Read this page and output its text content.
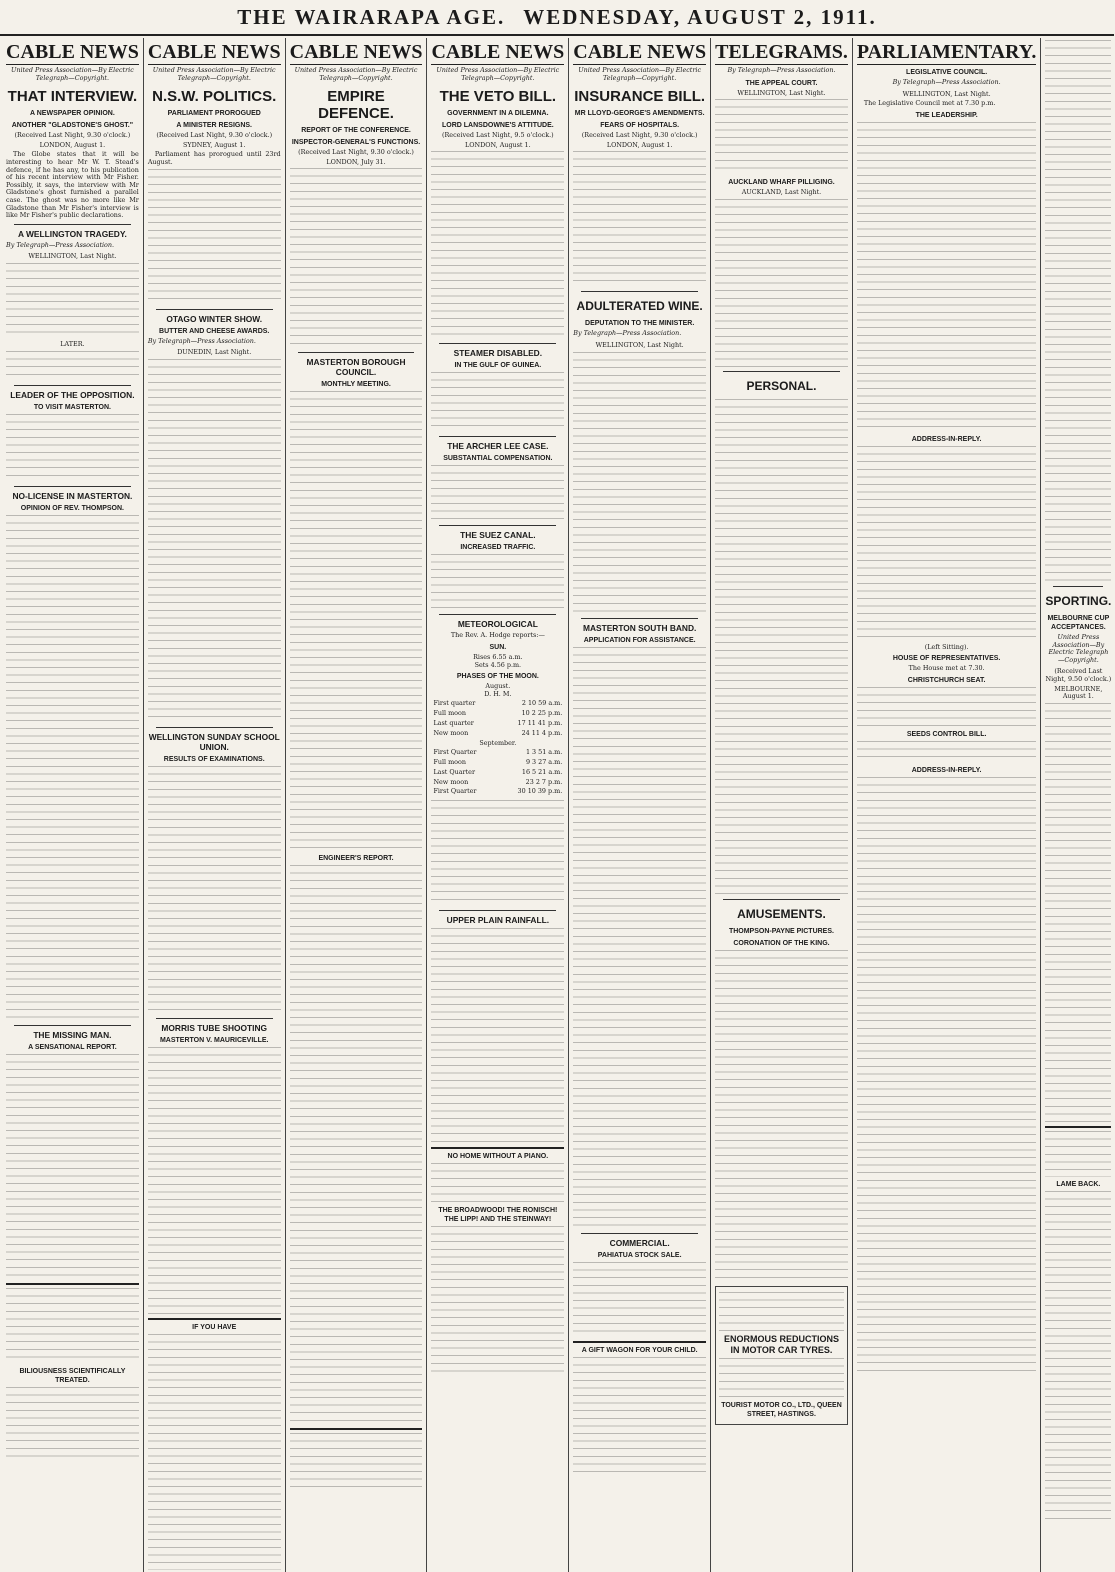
THE WAIRARAPA AGE. WEDNESDAY, AUGUST 2, 1911.
CABLE NEWS
United Press Association—By Electric Telegraph—Copyright.
THAT INTERVIEW.
A NEWSPAPER OPINION.
ANOTHER "GLADSTONE'S GHOST."
(Received Last Night, 9.30 o'clock.)
LONDON, August 1.

The Globe states that it will be interesting to hear Mr W. T. Stead's defence, if he has any, to his publication of his recent interview with Mr Fisher. Possibly, it says, the interview with Mr Gladstone's ghost furnished a parallel case. The ghost was no more like Mr Gladstone than Mr Fisher's interview is like Mr Fisher's public declarations.

A WELLINGTON TRAGEDY.
By Telegraph—Press Association.
WELLINGTON, Last Night.
LATER.
LEADER OF THE OPPOSITION.
TO VISIT MASTERTON.
NO-LICENSE IN MASTERTON.
OPINION OF REV. THOMPSON.
THE MISSING MAN.
A SENSATIONAL REPORT.
BILIOUSNESS SCIENTIFICALLY TREATED.
CABLE NEWS
United Press Association—By Electric Telegraph—Copyright.
N.S.W. POLITICS.
PARLIAMENT PROROGUED
A MINISTER RESIGNS.
(Received Last Night, 9.30 o'clock.)
SYDNEY, August 1.

Parliament has prorogued until 23rd August.

OTAGO WINTER SHOW.
BUTTER AND CHEESE AWARDS.
By Telegraph—Press Association.
DUNEDIN, Last Night.
WELLINGTON SUNDAY SCHOOL UNION.
RESULTS OF EXAMINATIONS.
MORRIS TUBE SHOOTING
MASTERTON V. MAURICEVILLE.
IF YOU HAVE
CABLE NEWS
United Press Association—By Electric Telegraph—Copyright.
EMPIRE DEFENCE.
REPORT OF THE CONFERENCE.
INSPECTOR-GENERAL'S FUNCTIONS.
(Received Last Night, 9.30 o'clock.)
LONDON, July 31.
MASTERTON BOROUGH COUNCIL.
MONTHLY MEETING.
ENGINEER'S REPORT.
CABLE NEWS
United Press Association—By Electric Telegraph—Copyright.
THE VETO BILL.
GOVERNMENT IN A DILEMNA.
LORD LANSDOWNE'S ATTITUDE.
(Received Last Night, 9.5 o'clock.)
LONDON, August 1.
STEAMER DISABLED.
IN THE GULF OF GUINEA.
THE ARCHER LEE CASE.
SUBSTANTIAL COMPENSATION.
THE SUEZ CANAL.
INCREASED TRAFFIC.
METEOROLOGICAL
The Rev. A. Hodge reports:—
SUN.
Rises 6.55 a.m.
Sets 4.56 p.m.
PHASES OF THE MOON.
August.
D. H. M.
First quarter	2 10 59 a.m.
Full moon	10 2 25 p.m.
Last quarter	17 11 41 p.m.
New moon	24 11 4 p.m.
September.
First Quarter	1 3 51 a.m.
Full moon	9 3 27 a.m.
Last Quarter	16 5 21 a.m.
New moon	23 2 7 p.m.
First Quarter	30 10 39 p.m.
UPPER PLAIN RAINFALL.
NO HOME WITHOUT A PIANO.
THE BROADWOOD! THE RONISCH! THE LIPP! AND THE STEINWAY!
CABLE NEWS
United Press Association—By Electric Telegraph—Copyright.
INSURANCE BILL.
MR LLOYD-GEORGE'S AMENDMENTS.
FEARS OF HOSPITALS.
(Received Last Night, 9.30 o'clock.)
LONDON, August 1.
ADULTERATED WINE.
DEPUTATION TO THE MINISTER.
By Telegraph—Press Association.
WELLINGTON, Last Night.
MASTERTON SOUTH BAND.
APPLICATION FOR ASSISTANCE.
COMMERCIAL.
PAHIATUA STOCK SALE.
A GIFT WAGON FOR YOUR CHILD.
TELEGRAMS.
By Telegraph—Press Association.
THE APPEAL COURT.
WELLINGTON, Last Night.
AUCKLAND WHARF PILLIGING.
AUCKLAND, Last Night.
PERSONAL.
AMUSEMENTS.
THOMPSON-PAYNE PICTURES.
CORONATION OF THE KING.
ENORMOUS REDUCTIONS IN MOTOR CAR TYRES.
TOURIST MOTOR CO., LTD., QUEEN STREET, HASTINGS.
PARLIAMENTARY.
LEGISLATIVE COUNCIL.
By Telegraph—Press Association.
WELLINGTON, Last Night.

The Legislative Council met at 7.30 p.m.

THE LEADERSHIP.
ADDRESS-IN-REPLY.
(Left Sitting).
HOUSE OF REPRESENTATIVES.
The House met at 7.30.
CHRISTCHURCH SEAT.
SEEDS CONTROL BILL.
ADDRESS-IN-REPLY.
SPORTING.
MELBOURNE CUP ACCEPTANCES.
United Press Association—By Electric Telegraph—Copyright.
(Received Last Night, 9.50 o'clock.)
MELBOURNE, August 1.
LAME BACK.
